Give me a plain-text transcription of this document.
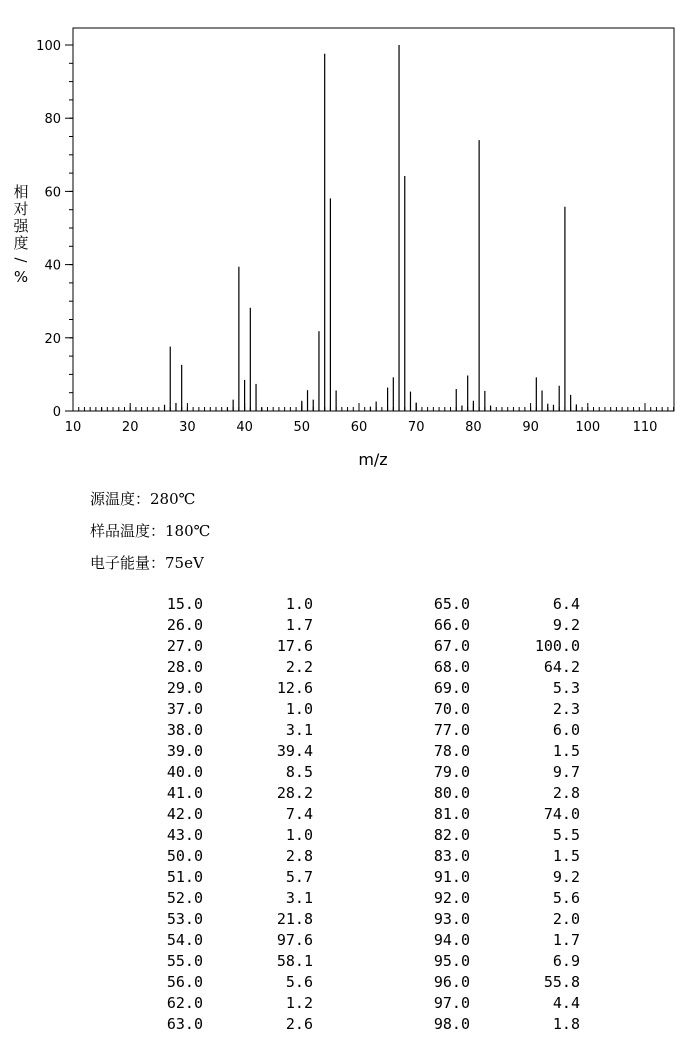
10	20	30	40	50	60	70	80	90	100 110
0
20
40
60
80
100
m/z
相
对
强
度
/
%
源温度：280℃
样品温度：180℃
电子能量：75eV
15.0	1.0
26.0	1.7
27.0	17.6
28.0	2.2
29.0	12.6
37.0	1.0
38.0	3.1
39.0	39.4
40.0	8.5
41.0	28.2
42.0	7.4
43.0	1.0
50.0	2.8
51.0	5.7
52.0	3.1
53.0	21.8
54.0	97.6
55.0	58.1
56.0	5.6
62.0	1.2
63.0	2.6
65.0	6.4
66.0	9.2
67.0	100.0
68.0	64.2
69.0	5.3
70.0	2.3
77.0	6.0
78.0	1.5
79.0	9.7
80.0	2.8
81.0	74.0
82.0	5.5
83.0	1.5
91.0	9.2
92.0	5.6
93.0	2.0
94.0	1.7
95.0	6.9
96.0	55.8
97.0	4.4
98.0	1.8
